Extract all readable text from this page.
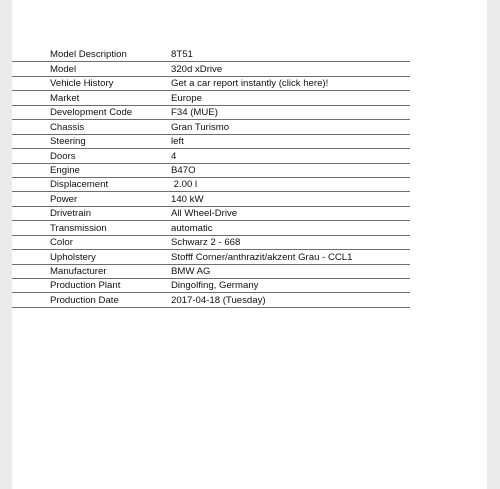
Model Description	8T51
Model	320d xDrive
Vehicle History	Get a car report instantly (click here)!
Market	Europe
Development Code	F34 (MUE)
Chassis	Gran Turismo
Steering	left
Doors	4
Engine	B47O
Displacement	2.00 l
Power	140 kW
Drivetrain	All Wheel-Drive
Transmission	automatic
Color	Schwarz 2 - 668
Upholstery	Stofff Corner/anthrazit/akzent Grau - CCL1
Manufacturer	BMW AG
Production Plant	Dingolfing, Germany
Production Date	2017-04-18 (Tuesday)
